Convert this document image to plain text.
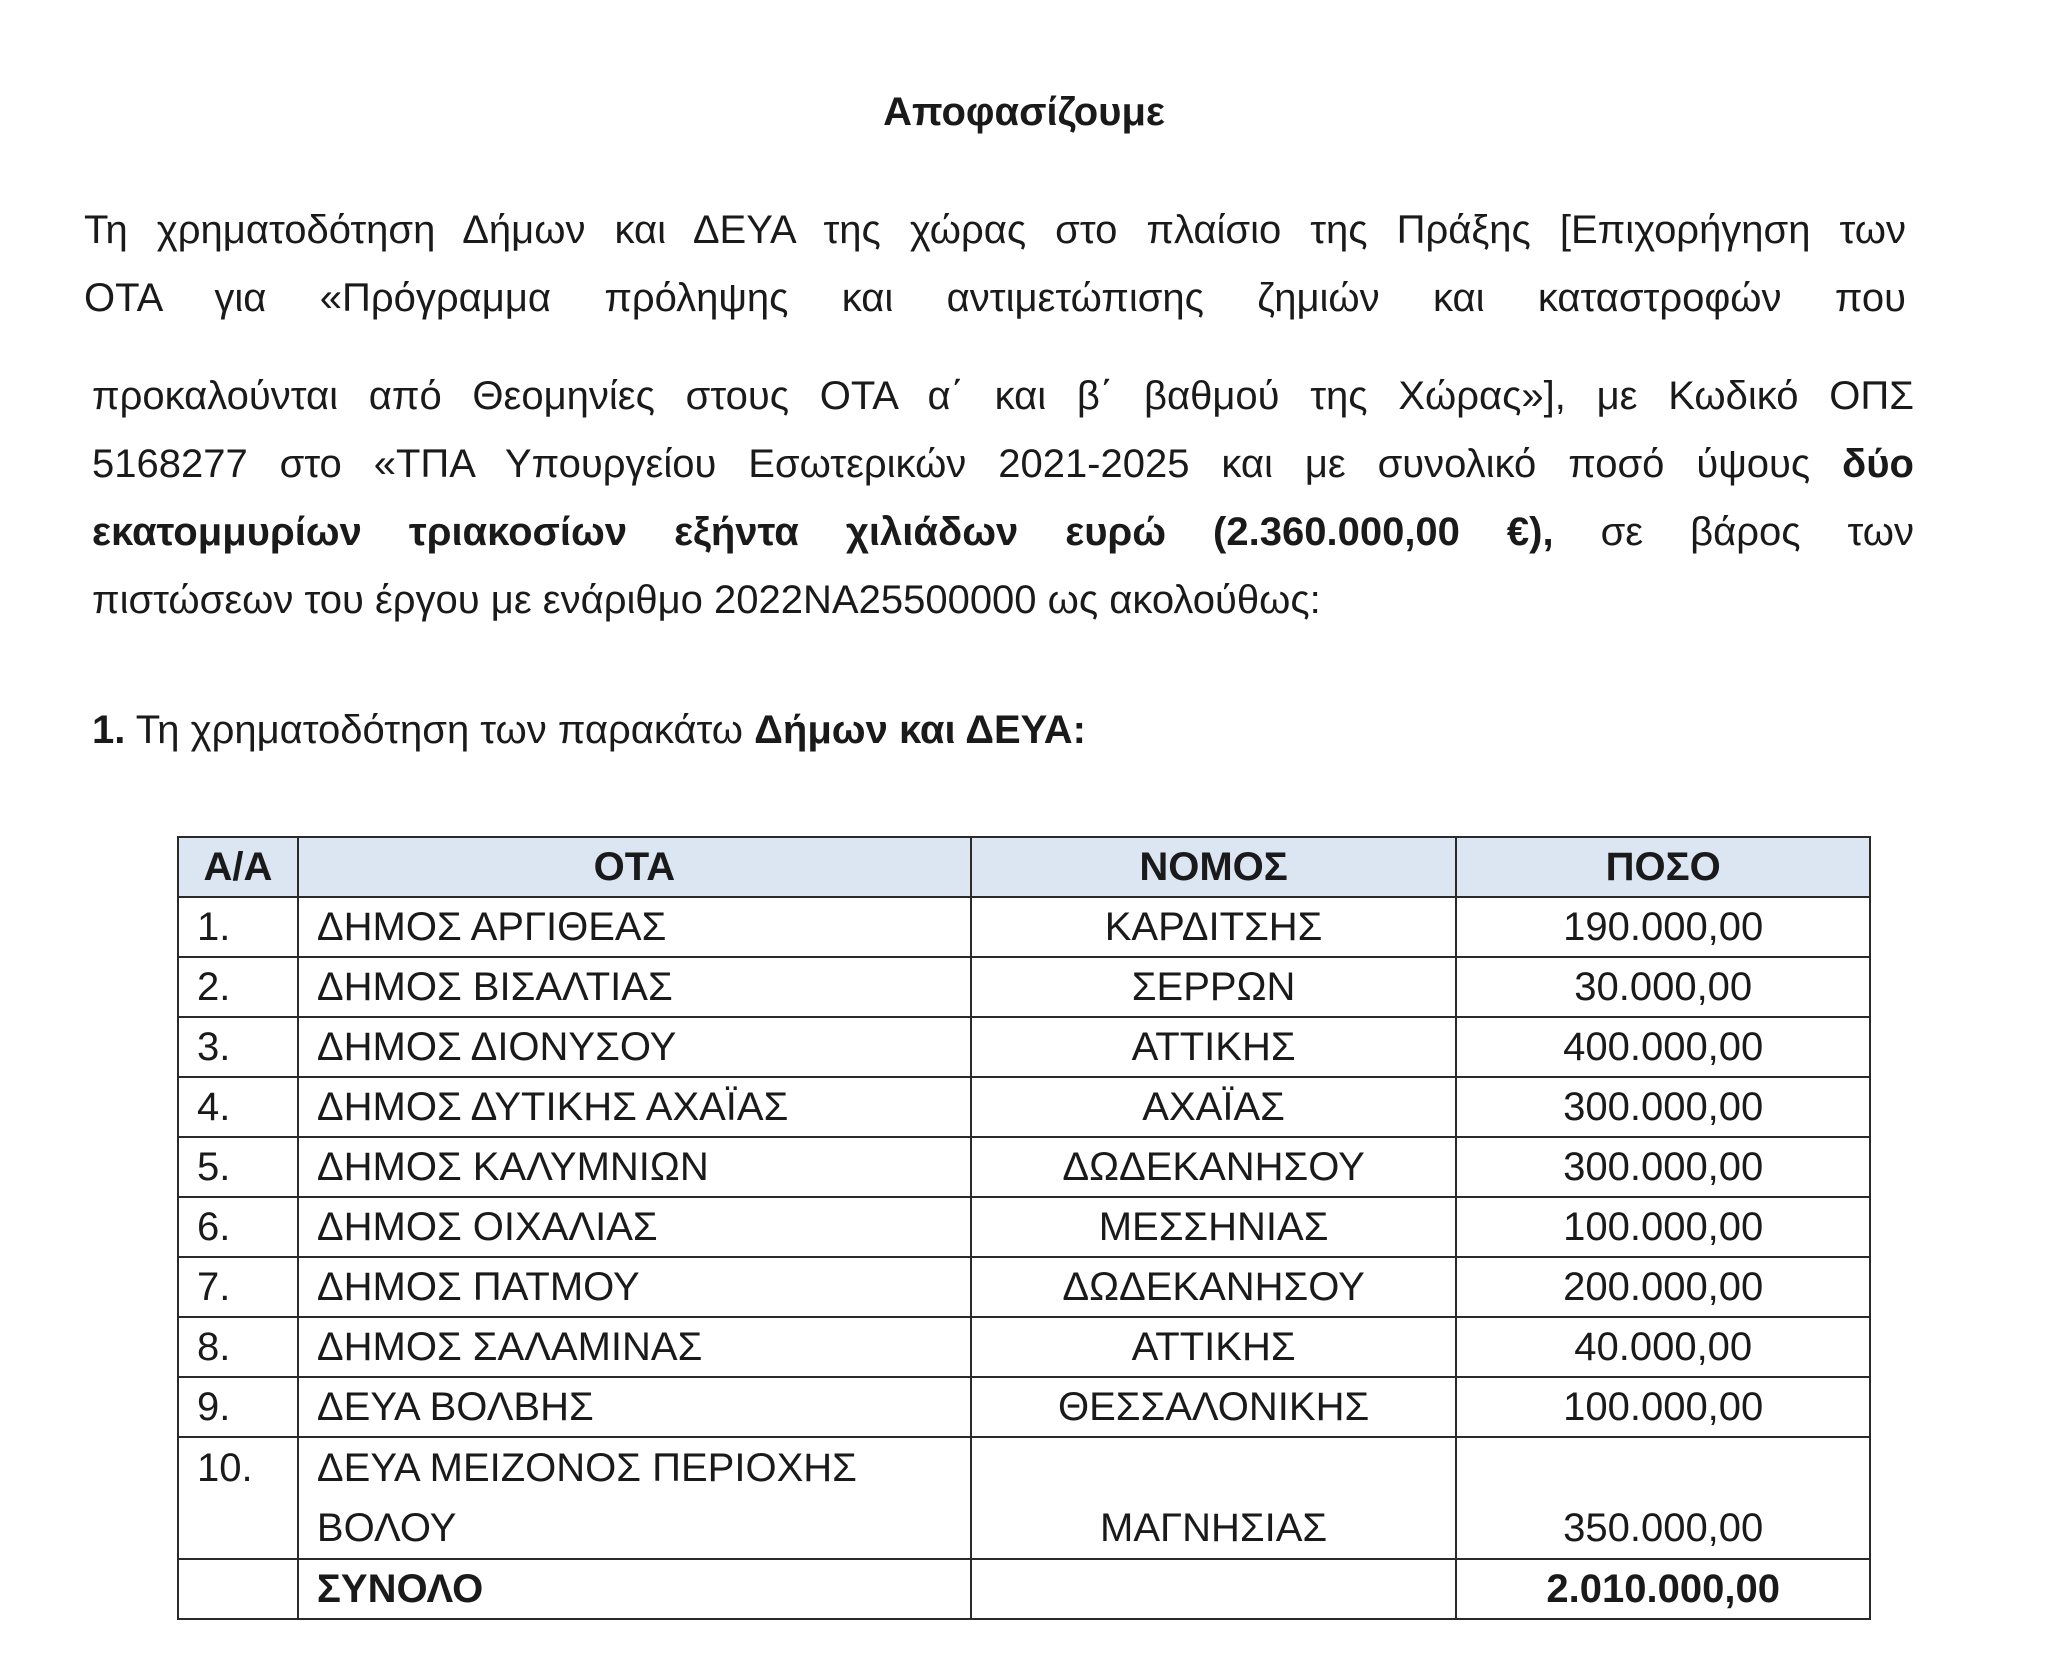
Αποφασίζουμε
Τη χρηματοδότηση Δήμων και ΔΕΥΑ της χώρας στο πλαίσιο της Πράξης [Επιχορήγηση των
ΟΤΑ για «Πρόγραμμα πρόληψης και αντιμετώπισης ζημιών και καταστροφών που
προκαλούνται από Θεομηνίες στους ΟΤΑ α΄ και β΄ βαθμού της Χώρας»], με Κωδικό ΟΠΣ
5168277 στο «ΤΠΑ Υπουργείου Εσωτερικών 2021-2025 και με συνολικό ποσό ύψους δύο
εκατομμυρίων τριακοσίων εξήντα χιλιάδων ευρώ (2.360.000,00 €), σε βάρος των
πιστώσεων του έργου με ενάριθμο 2022ΝΑ25500000 ως ακολούθως:
1. Τη χρηματοδότηση των παρακάτω Δήμων και ΔΕΥΑ:
Α/Α	ΟΤΑ	ΝΟΜΟΣ	ΠΟΣΟ
1.	ΔΗΜΟΣ ΑΡΓΙΘΕΑΣ	ΚΑΡΔΙΤΣΗΣ	190.000,00
2.	ΔΗΜΟΣ ΒΙΣΑΛΤΙΑΣ	ΣΕΡΡΩΝ	30.000,00
3.	ΔΗΜΟΣ ΔΙΟΝΥΣΟΥ	ΑΤΤΙΚΗΣ	400.000,00
4.	ΔΗΜΟΣ ΔΥΤΙΚΗΣ ΑΧΑΪΑΣ	ΑΧΑΪΑΣ	300.000,00
5.	ΔΗΜΟΣ ΚΑΛΥΜΝΙΩΝ	ΔΩΔΕΚΑΝΗΣΟΥ	300.000,00
6.	ΔΗΜΟΣ ΟΙΧΑΛΙΑΣ	ΜΕΣΣΗΝΙΑΣ	100.000,00
7.	ΔΗΜΟΣ ΠΑΤΜΟΥ	ΔΩΔΕΚΑΝΗΣΟΥ	200.000,00
8.	ΔΗΜΟΣ ΣΑΛΑΜΙΝΑΣ	ΑΤΤΙΚΗΣ	40.000,00
9.	ΔΕΥΑ ΒΟΛΒΗΣ	ΘΕΣΣΑΛΟΝΙΚΗΣ	100.000,00
10.	ΔΕΥΑ ΜΕΙΖΟΝΟΣ ΠΕΡΙΟΧΗΣ
ΒΟΛΟΥ	ΜΑΓΝΗΣΙΑΣ	350.000,00
	ΣΥΝΟΛΟ		2.010.000,00
